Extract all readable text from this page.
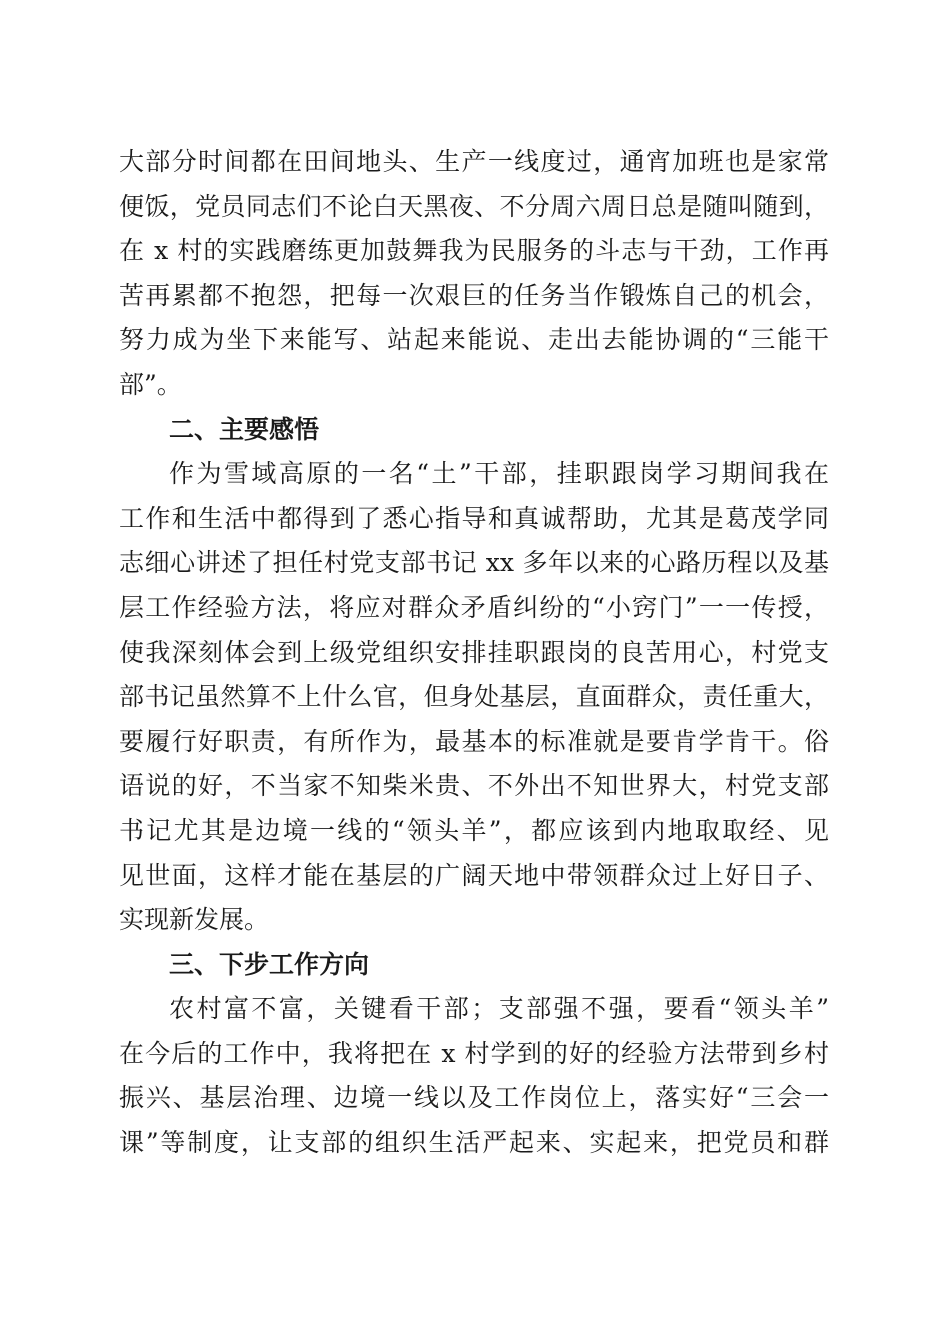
大部分时间都在田间地头、生产一线度过，通宵加班也是家常
便饭，党员同志们不论白天黑夜、不分周六周日总是随叫随到，
在 x 村的实践磨练更加鼓舞我为民服务的斗志与干劲，工作再
苦再累都不抱怨，把每一次艰巨的任务当作锻炼自己的机会，
努力成为坐下来能写、站起来能说、走出去能协调的“三能干
部”。
二、主要感悟
作为雪域高原的一名“土”干部，挂职跟岗学习期间我在
工作和生活中都得到了悉心指导和真诚帮助，尤其是葛茂学同
志细心讲述了担任村党支部书记 xx 多年以来的心路历程以及基
层工作经验方法，将应对群众矛盾纠纷的“小窍门”一一传授，
使我深刻体会到上级党组织安排挂职跟岗的良苦用心，村党支
部书记虽然算不上什么官，但身处基层，直面群众，责任重大，
要履行好职责，有所作为，最基本的标准就是要肯学肯干。俗
语说的好，不当家不知柴米贵、不外出不知世界大，村党支部
书记尤其是边境一线的“领头羊”，都应该到内地取取经、见
见世面，这样才能在基层的广阔天地中带领群众过上好日子、
实现新发展。
三、下步工作方向
农村富不富，关键看干部；支部强不强，要看“领头羊”
在今后的工作中，我将把在 x 村学到的好的经验方法带到乡村
振兴、基层治理、边境一线以及工作岗位上，落实好“三会一
课”等制度，让支部的组织生活严起来、实起来，把党员和群
